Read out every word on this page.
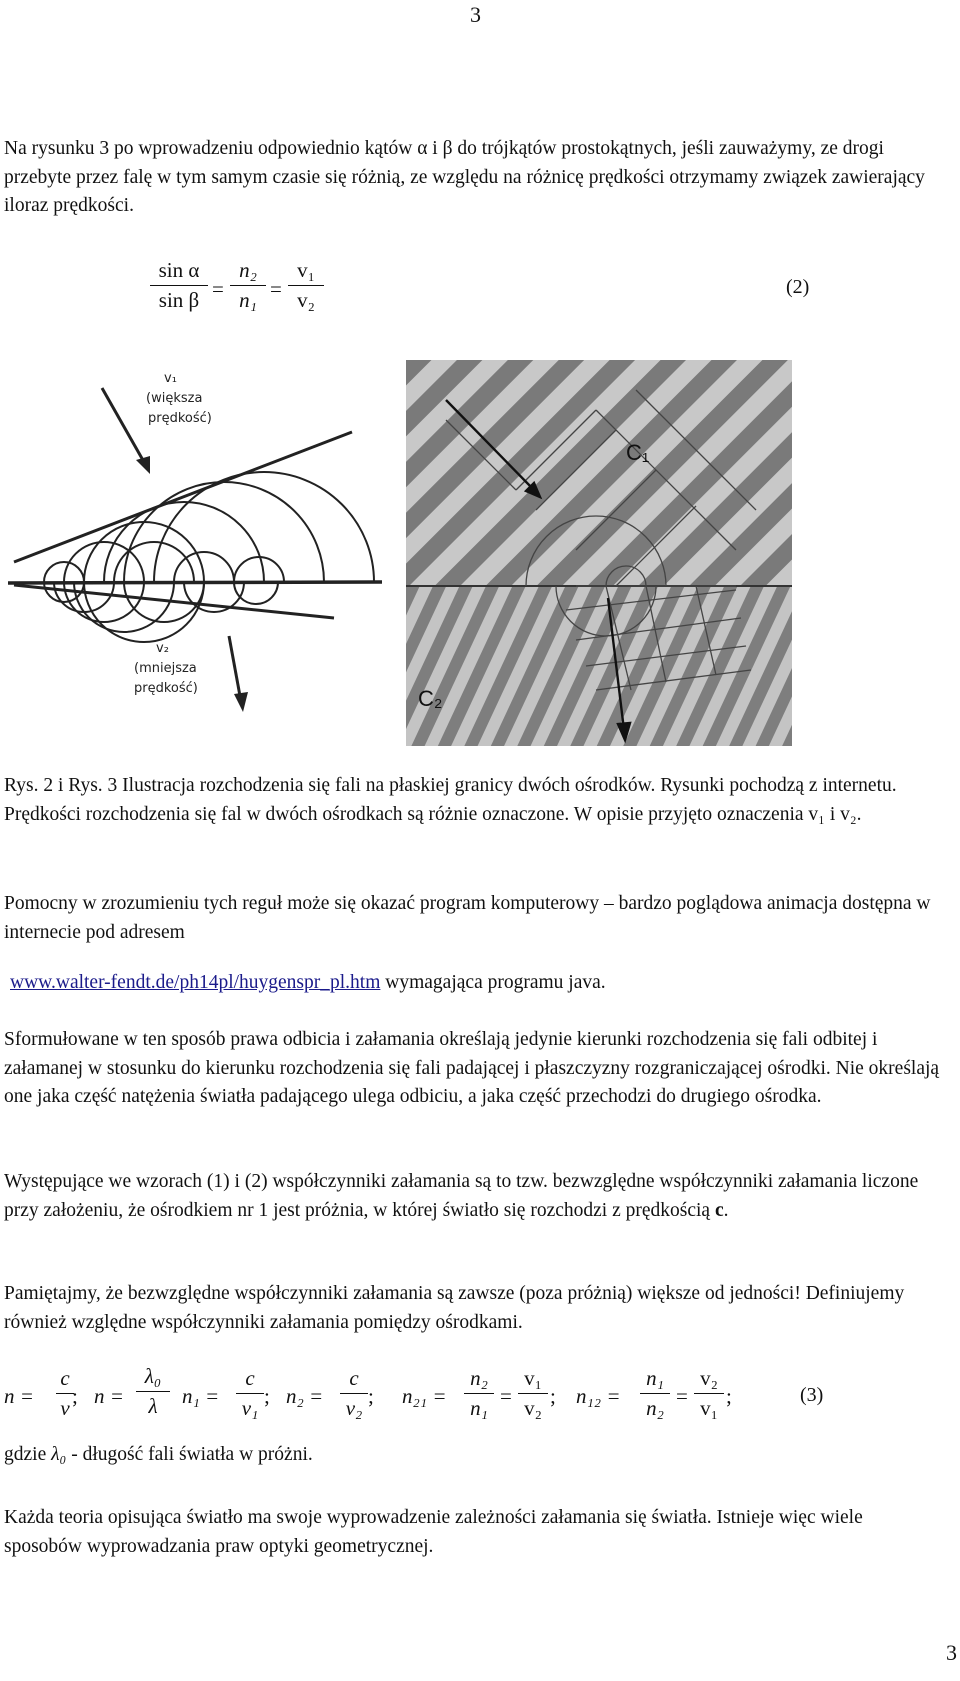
3

Na rysunku 3 po wprowadzeniu odpowiednio kątów α i β do trójkątów prostokątnych, jeśli zauważymy, ze drogi przebyte przez falę w tym samym czasie się różnią, ze względu na różnicę prędkości otrzymamy związek zawierający iloraz prędkości.

sin α
sin β =
n₂
n₁ =
v₁
v₂
(2)
v₁
(większa
prędkość)
v₂
(mniejsza
prędkość)
C₁
C₂

Rys. 2 i Rys. 3 Ilustracja rozchodzenia się fali na płaskiej granicy dwóch ośrodków. Rysunki pochodzą z internetu. Prędkości rozchodzenia się fal w dwóch ośrodkach są różnie oznaczone. W opisie przyjęto oznaczenia v₁ i v₂.

Pomocny w zrozumieniu tych reguł może się okazać program komputerowy – bardzo poglądowa animacja dostępna w internecie pod adresem

www.walter-fendt.de/ph14pl/huygenspr_pl.htm wymagająca programu java.

Sformułowane w ten sposób prawa odbicia i załamania określają jedynie kierunki rozchodzenia się fali odbitej i załamanej w stosunku do kierunku rozchodzenia się fali padającej i płaszczyzny rozgraniczającej ośrodki. Nie określają one jaka część natężenia światła padającego ulega odbiciu, a jaka część przechodzi do drugiego ośrodka.

Występujące we wzorach (1) i (2) współczynniki załamania są to tzw. bezwzględne współczynniki załamania liczone przy założeniu, że ośrodkiem nr 1 jest próżnia, w której światło się rozchodzi z prędkością c.

Pamiętajmy, że bezwzględne współczynniki załamania są zawsze (poza próżnią) większe od jedności! Definiujemy również względne współczynniki załamania pomiędzy ośrodkami.

n =
c
v ; n =
λ₀
λ	n₁ =
c
v₁ ; n₂ =
c
v₂ ; n₂₁ =
n₂
n₁ =
v₁
v₂ ; n₁₂ =
n₁
n₂ =
v₂
v₁ ;	(3)

gdzie λ₀ - długość fali światła w próżni.

Każda teoria opisująca światło ma swoje wyprowadzenie zależności załamania się światła. Istnieje więc wiele sposobów wyprowadzania praw optyki geometrycznej.

3
